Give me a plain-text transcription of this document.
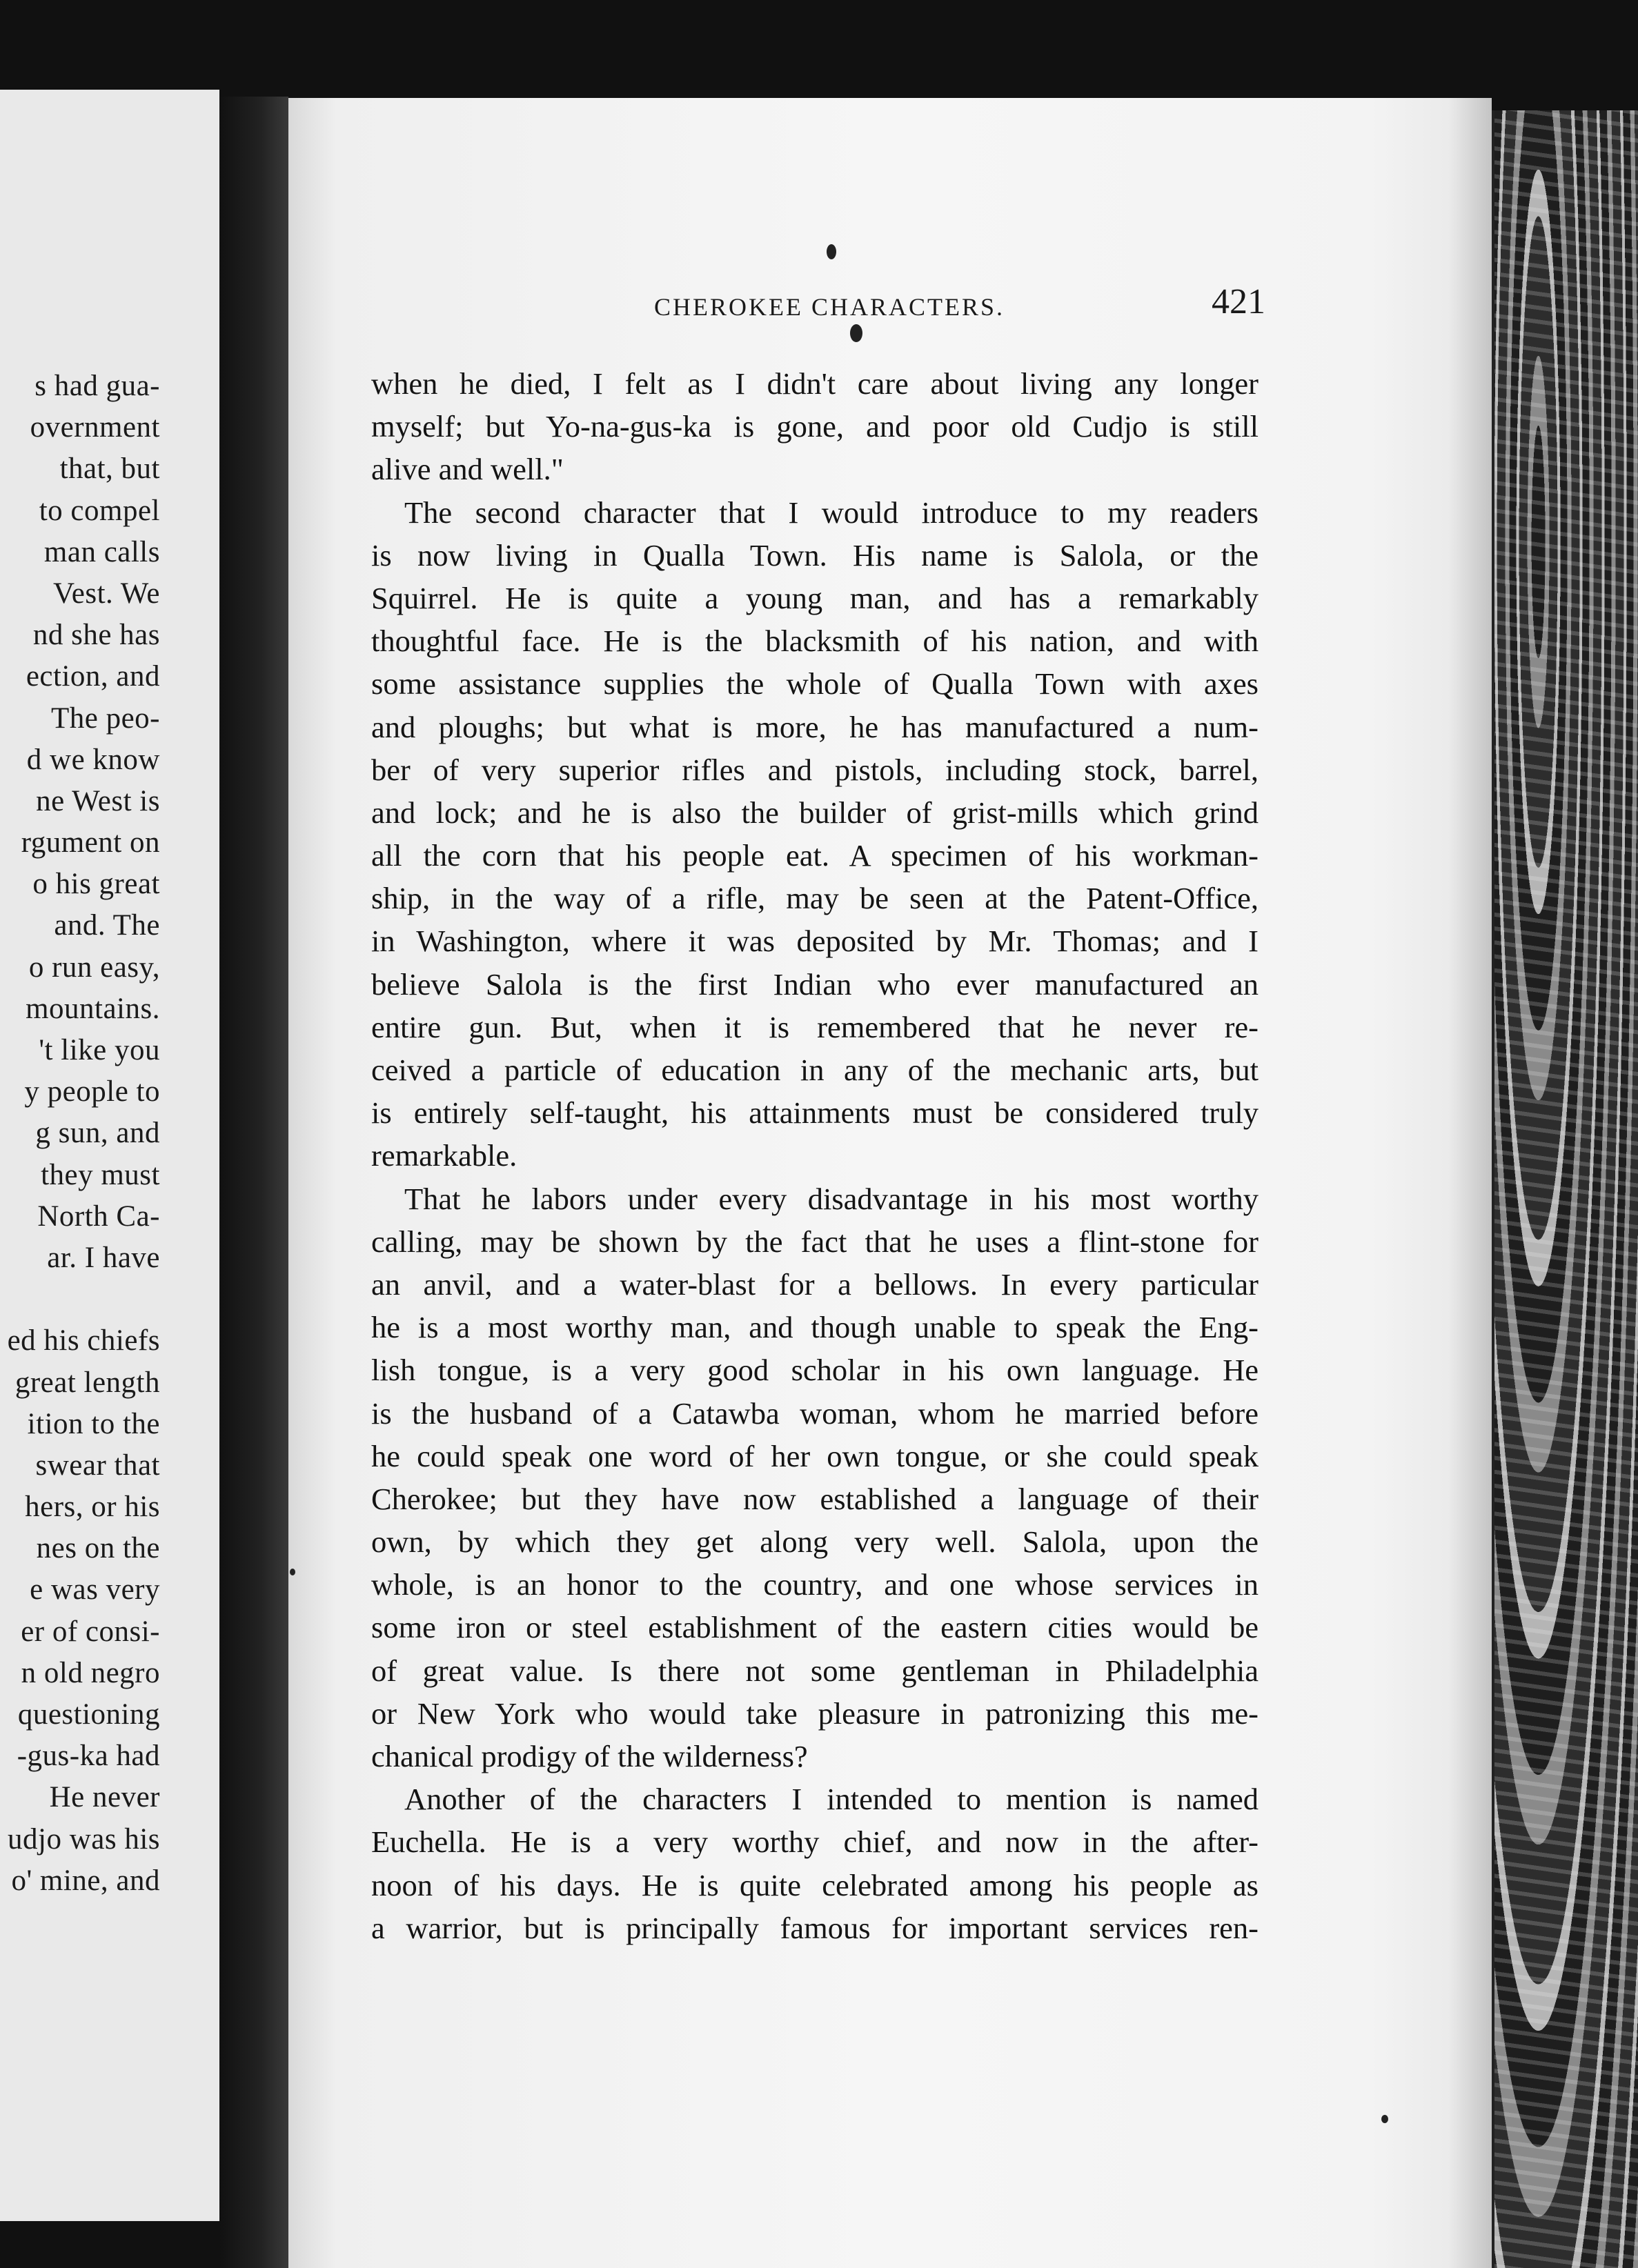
s had gua-
overnment
that, but
to compel
man calls
Vest. We
nd she has
ection, and
The peo-
d we know
ne West is
rgument on
o his great
and. The
o run easy,
mountains.
't like you
y people to
g sun, and
they must
North Ca-
ar. I have
ed his chiefs
great length
ition to the
swear that
hers, or his
nes on the
e was very
er of consi-
n old negro
questioning
-gus-ka had
He never
udjo was his
o' mine, and
CHEROKEE CHARACTERS.	421
when he died, I felt as I didn't care about living any longer
myself; but Yo-na-gus-ka is gone, and poor old Cudjo is still
alive and well."
The second character that I would introduce to my readers
is now living in Qualla Town. His name is Salola, or the
Squirrel. He is quite a young man, and has a remarkably
thoughtful face. He is the blacksmith of his nation, and with
some assistance supplies the whole of Qualla Town with axes
and ploughs; but what is more, he has manufactured a num-
ber of very superior rifles and pistols, including stock, barrel,
and lock; and he is also the builder of grist-mills which grind
all the corn that his people eat. A specimen of his workman-
ship, in the way of a rifle, may be seen at the Patent-Office,
in Washington, where it was deposited by Mr. Thomas; and I
believe Salola is the first Indian who ever manufactured an
entire gun. But, when it is remembered that he never re-
ceived a particle of education in any of the mechanic arts, but
is entirely self-taught, his attainments must be considered truly
remarkable.
That he labors under every disadvantage in his most worthy
calling, may be shown by the fact that he uses a flint-stone for
an anvil, and a water-blast for a bellows. In every particular
he is a most worthy man, and though unable to speak the Eng-
lish tongue, is a very good scholar in his own language. He
is the husband of a Catawba woman, whom he married before
he could speak one word of her own tongue, or she could speak
Cherokee; but they have now established a language of their
own, by which they get along very well. Salola, upon the
whole, is an honor to the country, and one whose services in
some iron or steel establishment of the eastern cities would be
of great value. Is there not some gentleman in Philadelphia
or New York who would take pleasure in patronizing this me-
chanical prodigy of the wilderness?
Another of the characters I intended to mention is named
Euchella. He is a very worthy chief, and now in the after-
noon of his days. He is quite celebrated among his people as
a warrior, but is principally famous for important services ren-
